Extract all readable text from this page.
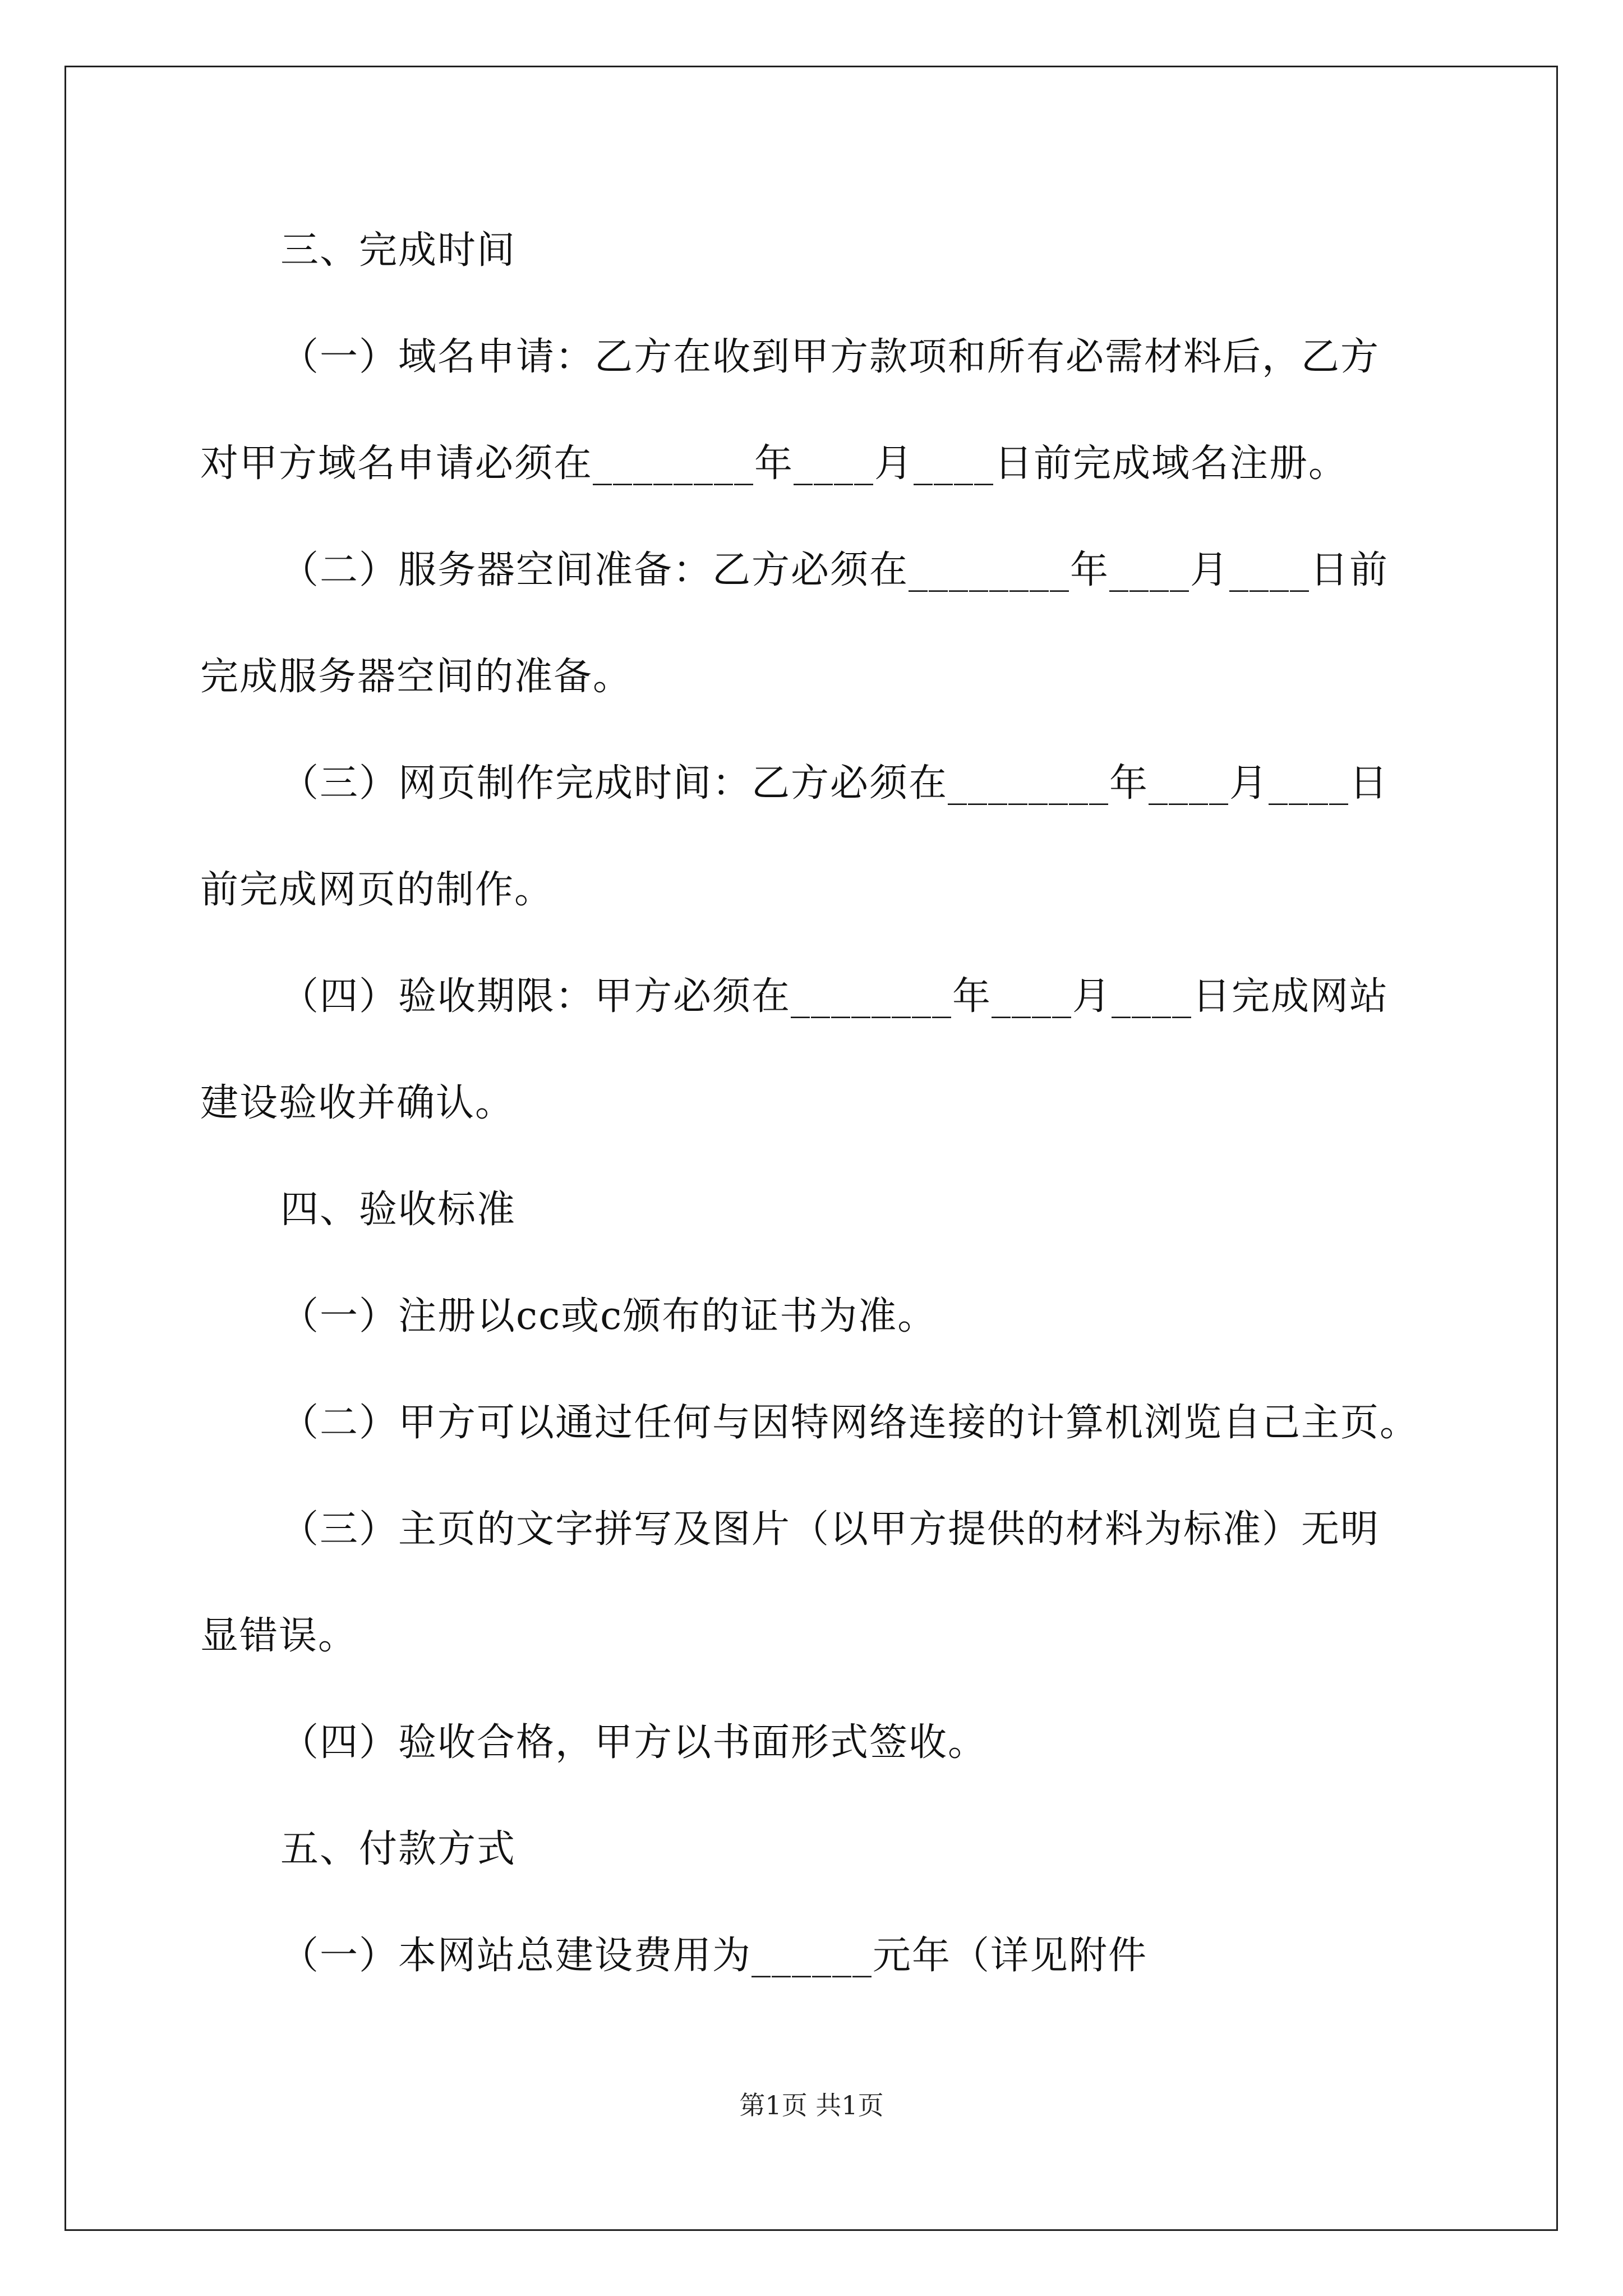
三、完成时间

（一）域名申请：乙方在收到甲方款项和所有必需材料后，乙方

对甲方域名申请必须在________年____月____日前完成域名注册。

（二）服务器空间准备：乙方必须在________年____月____日前

完成服务器空间的准备。

（三）网页制作完成时间：乙方必须在________年____月____日

前完成网页的制作。

（四）验收期限：甲方必须在________年____月____日完成网站

建设验收并确认。

四、验收标准

（一）注册以cc或c颁布的证书为准。

（二）甲方可以通过任何与因特网络连接的计算机浏览自己主页。

（三）主页的文字拼写及图片（以甲方提供的材料为标准）无明

显错误。

（四）验收合格，甲方以书面形式签收。

五、付款方式

（一）本网站总建设费用为______元年（详见附件

第1页 共1页
